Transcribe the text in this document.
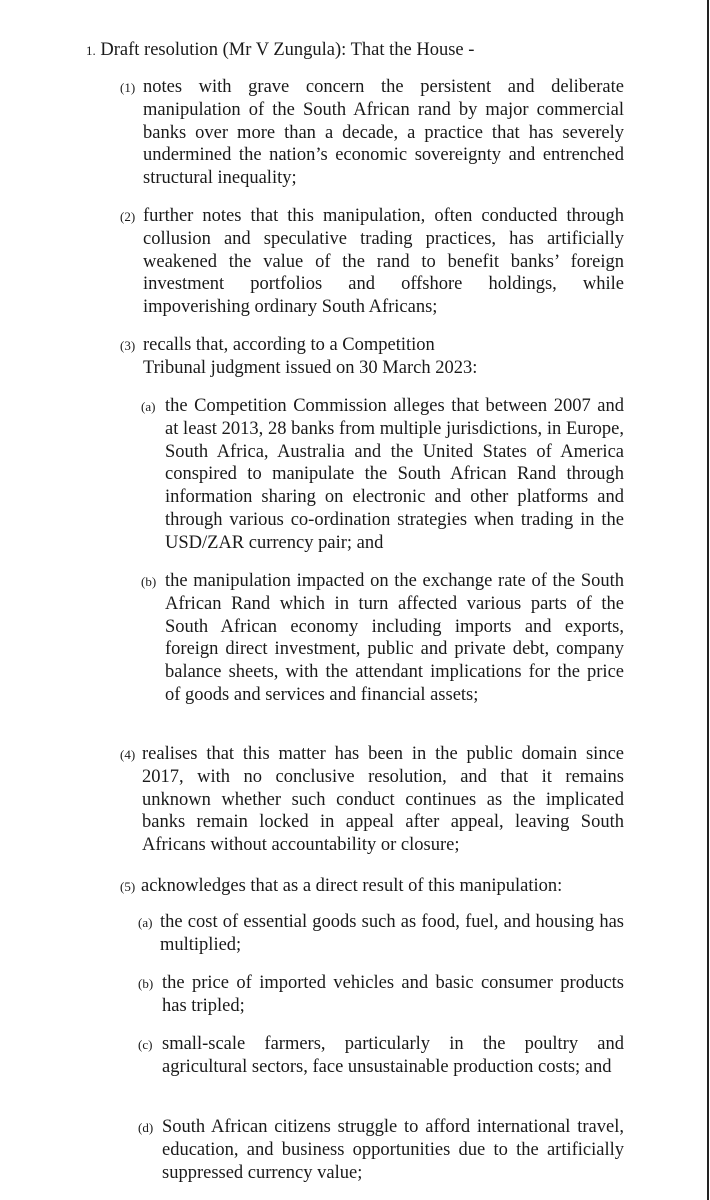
1. Draft resolution (Mr V Zungula): That the House -
(1) notes with grave concern the persistent and deliberate manipulation of the South African rand by major commercial banks over more than a decade, a practice that has severely undermined the nation’s economic sovereignty and entrenched structural inequality;
(2) further notes that this manipulation, often conducted through collusion and speculative trading practices, has artificially weakened the value of the rand to benefit banks’ foreign investment portfolios and offshore holdings, while impoverishing ordinary South Africans;
(3) recalls that, according to a Competition Tribunal judgment issued on 30 March 2023:
(a) the Competition Commission alleges that between 2007 and at least 2013, 28 banks from multiple jurisdictions, in Europe, South Africa, Australia and the United States of America conspired to manipulate the South African Rand through information sharing on electronic and other platforms and through various co-ordination strategies when trading in the USD/ZAR currency pair; and
(b) the manipulation impacted on the exchange rate of the South African Rand which in turn affected various parts of the South African economy including imports and exports, foreign direct investment, public and private debt, company balance sheets, with the attendant implications for the price of goods and services and financial assets;
(4) realises that this matter has been in the public domain since 2017, with no conclusive resolution, and that it remains unknown whether such conduct continues as the implicated banks remain locked in appeal after appeal, leaving South Africans without accountability or closure;
(5) acknowledges that as a direct result of this manipulation:
(a) the cost of essential goods such as food, fuel, and housing has multiplied;
(b) the price of imported vehicles and basic consumer products has tripled;
(c) small-scale farmers, particularly in the poultry and agricultural sectors, face unsustainable production costs; and
(d) South African citizens struggle to afford international travel, education, and business opportunities due to the artificially suppressed currency value;
